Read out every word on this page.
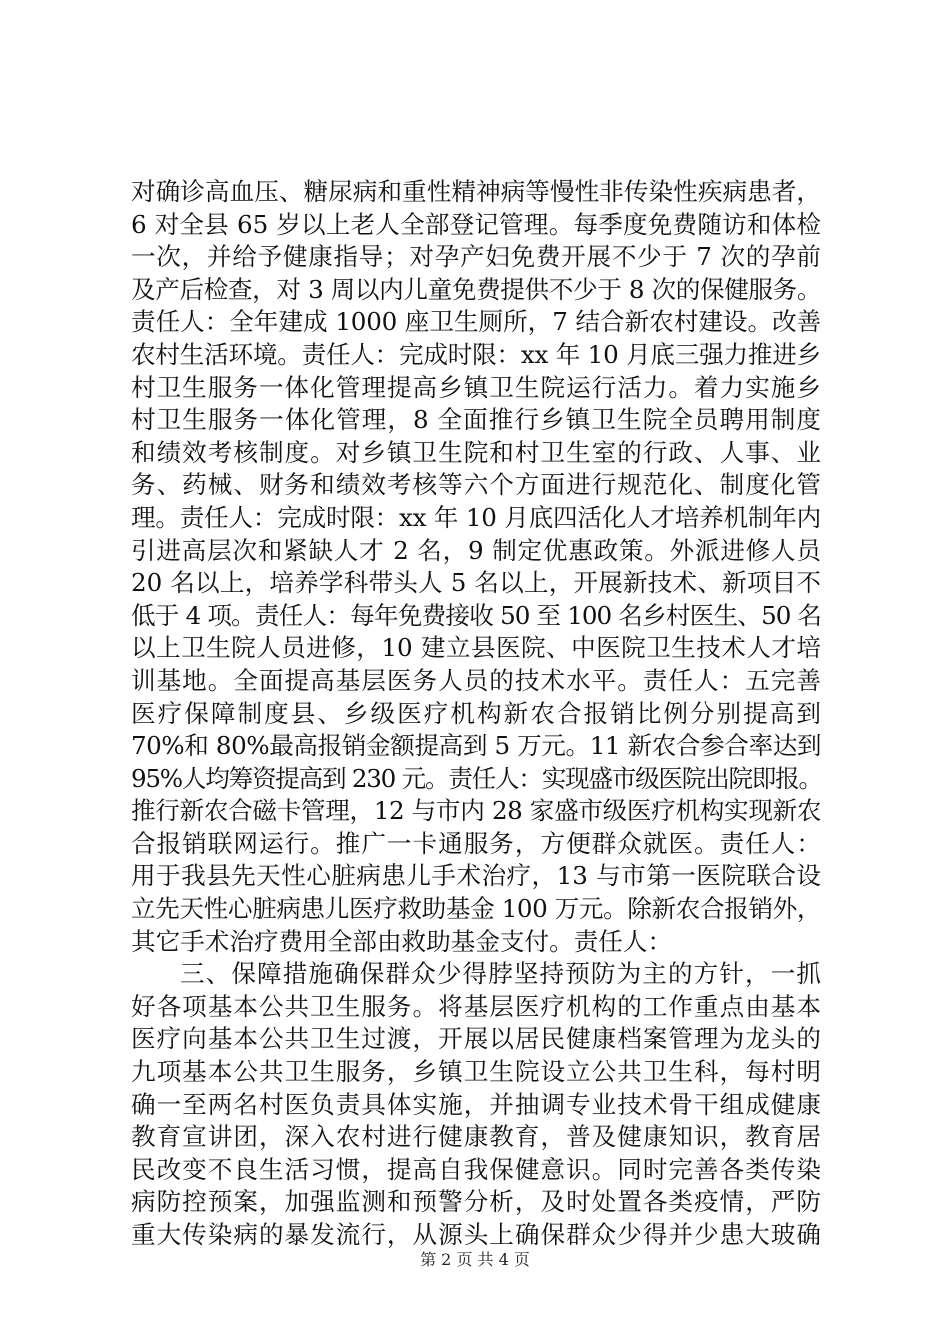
对确诊高血压、糖尿病和重性精神病等慢性非传染性疾病患者，
6 对全县 65 岁以上老人全部登记管理。每季度免费随访和体检
一次，并给予健康指导；对孕产妇免费开展不少于 7 次的孕前
及产后检查，对 3 周以内儿童免费提供不少于 8 次的保健服务。
责任人：全年建成 1000 座卫生厕所，7 结合新农村建设。改善
农村生活环境。责任人：完成时限：xx 年 10 月底三强力推进乡
村卫生服务一体化管理提高乡镇卫生院运行活力。着力实施乡
村卫生服务一体化管理，8 全面推行乡镇卫生院全员聘用制度
和绩效考核制度。对乡镇卫生院和村卫生室的行政、人事、业
务、药械、财务和绩效考核等六个方面进行规范化、制度化管
理。责任人：完成时限：xx 年 10 月底四活化人才培养机制年内
引进高层次和紧缺人才 2 名，9 制定优惠政策。外派进修人员
20 名以上，培养学科带头人 5 名以上，开展新技术、新项目不
低于 4 项。责任人：每年免费接收 50 至 100 名乡村医生、50 名
以上卫生院人员进修，10 建立县医院、中医院卫生技术人才培
训基地。全面提高基层医务人员的技术水平。责任人：五完善
医疗保障制度县、乡级医疗机构新农合报销比例分别提高到
70%和 80%最高报销金额提高到 5 万元。11 新农合参合率达到
95%人均筹资提高到 230 元。责任人：实现盛市级医院出院即报。
推行新农合磁卡管理，12 与市内 28 家盛市级医疗机构实现新农
合报销联网运行。推广一卡通服务，方便群众就医。责任人：
用于我县先天性心脏病患儿手术治疗，13 与市第一医院联合设
立先天性心脏病患儿医疗救助基金 100 万元。除新农合报销外，
其它手术治疗费用全部由救助基金支付。责任人：
三、保障措施确保群众少得脖坚持预防为主的方针，一抓
好各项基本公共卫生服务。将基层医疗机构的工作重点由基本
医疗向基本公共卫生过渡，开展以居民健康档案管理为龙头的
九项基本公共卫生服务，乡镇卫生院设立公共卫生科，每村明
确一至两名村医负责具体实施，并抽调专业技术骨干组成健康
教育宣讲团，深入农村进行健康教育，普及健康知识，教育居
民改变不良生活习惯，提高自我保健意识。同时完善各类传染
病防控预案，加强监测和预警分析，及时处置各类疫情，严防
重大传染病的暴发流行，从源头上确保群众少得并少患大玻确
第 2 页 共 4 页
